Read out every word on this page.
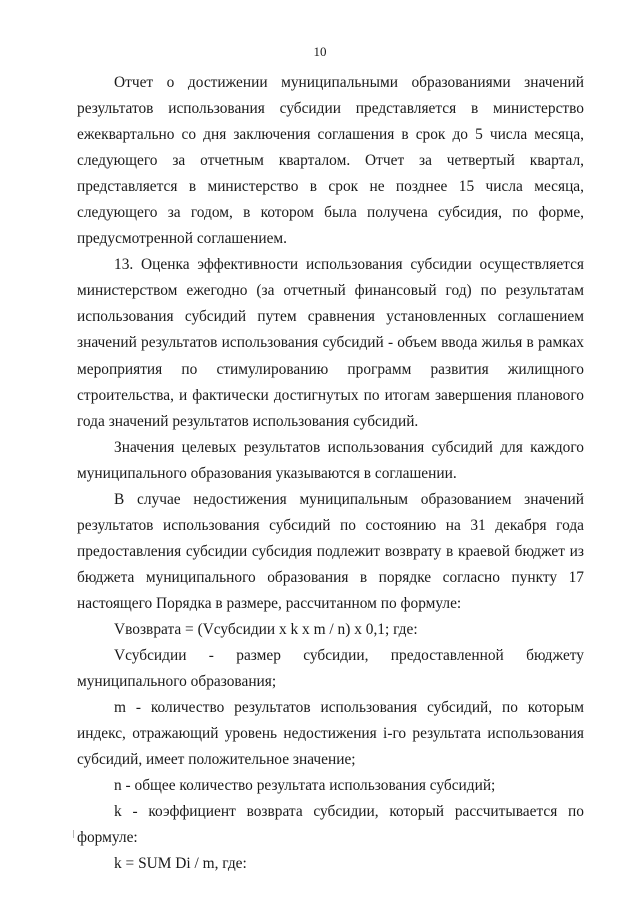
10

Отчет о достижении муниципальными образованиями значений результатов использования субсидии представляется в министерство ежеквартально со дня заключения соглашения в срок до 5 числа месяца, следующего за отчетным кварталом. Отчет за четвертый квартал, представляется в министерство в срок не позднее 15 числа месяца, следующего за годом, в котором была получена субсидия, по форме, предусмотренной соглашением.

13. Оценка эффективности использования субсидии осуществляется министерством ежегодно (за отчетный финансовый год) по результатам использования субсидий путем сравнения установленных соглашением значений результатов использования субсидий - объем ввода жилья в рамках мероприятия по стимулированию программ развития жилищного строительства, и фактически достигнутых по итогам завершения планового года значений результатов использования субсидий.

Значения целевых результатов использования субсидий для каждого муниципального образования указываются в соглашении.

В случае недостижения муниципальным образованием значений результатов использования субсидий по состоянию на 31 декабря года предоставления субсидии субсидия подлежит возврату в краевой бюджет из бюджета муниципального образования в порядке согласно пункту 17 настоящего Порядка в размере, рассчитанном по формуле:

Vвозврата = (Vсубсидии x k x m / n) x 0,1; где:

Vсубсидии - размер субсидии, предоставленной бюджету муниципального образования;

m - количество результатов использования субсидий, по которым индекс, отражающий уровень недостижения i-го результата использования субсидий, имеет положительное значение;

n - общее количество результата использования субсидий;

k - коэффициент возврата субсидии, который рассчитывается по формуле:

k = SUM Di / m, где:
